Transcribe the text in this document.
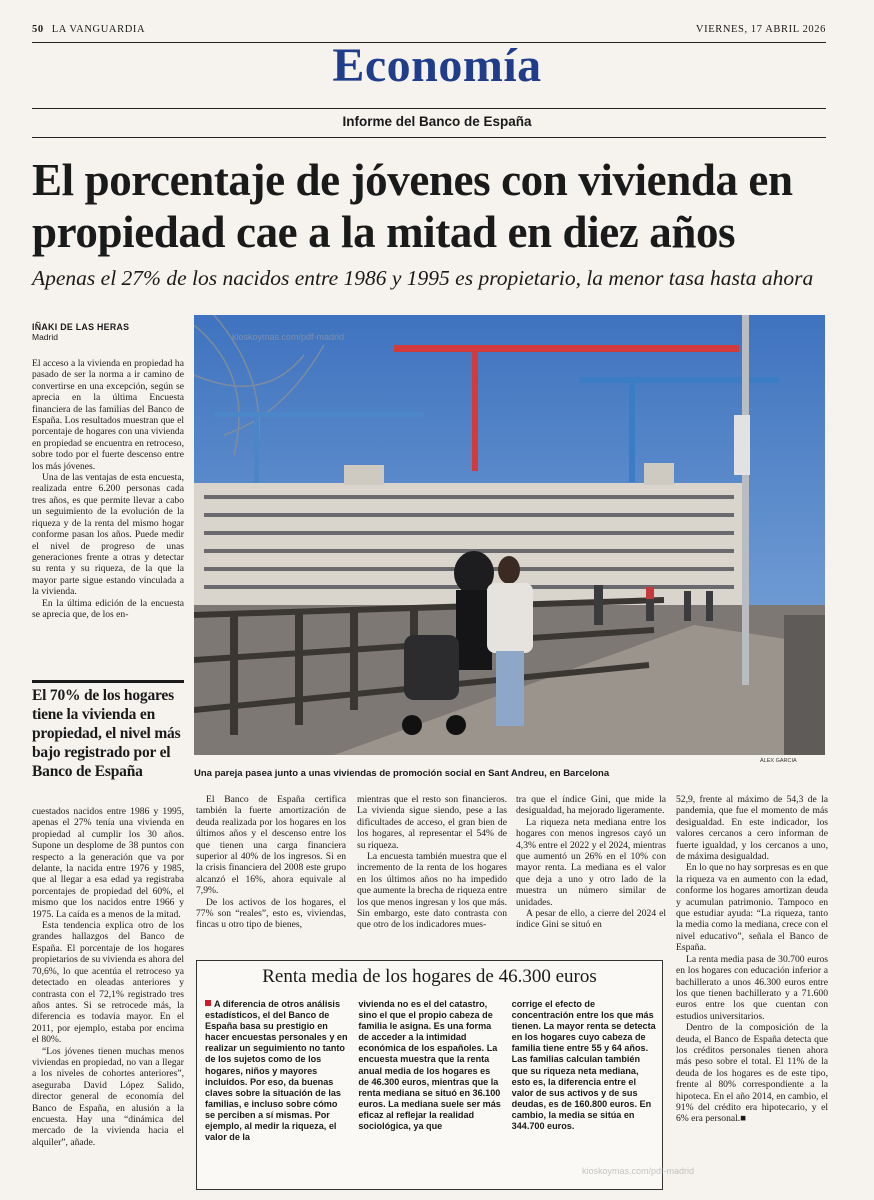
50 LA VANGUARDIA	VIERNES, 17 ABRIL 2026
Economía
Informe del Banco de España
El porcentaje de jóvenes con vivienda en propiedad cae a la mitad en diez años
Apenas el 27% de los nacidos entre 1986 y 1995 es propietario, la menor tasa hasta ahora
IÑAKI DE LAS HERAS
Madrid

El acceso a la vivienda en propiedad ha pasado de ser la norma a ir camino de convertirse en una excepción, según se aprecia en la última Encuesta financiera de las familias del Banco de España. Los resultados muestran que el porcentaje de hogares con una vivienda en propiedad se encuentra en retroceso, sobre todo por el fuerte descenso entre los más jóvenes.

Una de las ventajas de esta encuesta, realizada entre 6.200 personas cada tres años, es que permite llevar a cabo un seguimiento de la evolución de la riqueza y de la renta del mismo hogar conforme pasan los años. Puede medir el nivel de progreso de unas generaciones frente a otras y detectar su renta y su riqueza, de la que la mayor parte sigue estando vinculada a la vivienda.

En la última edición de la encuesta se aprecia que, de los en-

El 70% de los hogares tiene la vivienda en propiedad, el nivel más bajo registrado por el Banco de España
ÀLEX GARCIA
Una pareja pasea junto a unas viviendas de promoción social en Sant Andreu, en Barcelona

cuestados nacidos entre 1986 y 1995, apenas el 27% tenía una vivienda en propiedad al cumplir los 30 años. Supone un desplome de 38 puntos con respecto a la generación que va por delante, la nacida entre 1976 y 1985, que al llegar a esa edad ya registraba porcentajes de propiedad del 60%, el mismo que los nacidos entre 1966 y 1975. La caída es a menos de la mitad.

Esta tendencia explica otro de los grandes hallazgos del Banco de España. El porcentaje de los hogares propietarios de su vivienda es ahora del 70,6%, lo que acentúa el retroceso ya detectado en oleadas anteriores y contrasta con el 72,1% registrado tres años antes. Si se retrocede más, la diferencia es todavía mayor. En el 2011, por ejemplo, estaba por encima el 80%.

“Los jóvenes tienen muchas menos viviendas en propiedad, no van a llegar a los niveles de cohortes anteriores”, aseguraba David López Salido, director general de economía del Banco de España, en alusión a la encuesta. Hay una “dinámica del mercado de la vivienda hacia el alquiler”, añade.

El Banco de España certifica también la fuerte amortización de deuda realizada por los hogares en los últimos años y el descenso entre los que tienen una carga financiera superior al 40% de los ingresos. Si en la crisis financiera del 2008 este grupo alcanzó el 16%, ahora equivale al 7,9%.

De los activos de los hogares, el 77% son “reales”, esto es, viviendas, fincas u otro tipo de bienes,

mientras que el resto son financieros. La vivienda sigue siendo, pese a las dificultades de acceso, el gran bien de los hogares, al representar el 54% de su riqueza.

La encuesta también muestra que el incremento de la renta de los hogares en los últimos años no ha impedido que aumente la brecha de riqueza entre los que menos ingresan y los que más. Sin embargo, este dato contrasta con que otro de los indicadores mues-

tra que el índice Gini, que mide la desigualdad, ha mejorado ligeramente.

La riqueza neta mediana entre los hogares con menos ingresos cayó un 4,3% entre el 2022 y el 2024, mientras que aumentó un 26% en el 10% con mayor renta. La mediana es el valor que deja a uno y otro lado de la muestra un número similar de unidades.

A pesar de ello, a cierre del 2024 el índice Gini se situó en

52,9, frente al máximo de 54,3 de la pandemia, que fue el momento de más desigualdad. En este indicador, los valores cercanos a cero informan de fuerte igualdad, y los cercanos a uno, de máxima desigualdad.

En lo que no hay sorpresas es en que la riqueza va en aumento con la edad, conforme los hogares amortizan deuda y acumulan patrimonio. Tampoco en que estudiar ayuda: “La riqueza, tanto la media como la mediana, crece con el nivel educativo”, señala el Banco de España.

La renta media pasa de 30.700 euros en los hogares con educación inferior a bachillerato a unos 46.300 euros entre los que tienen bachillerato y a 71.600 euros entre los que cuentan con estudios universitarios.

Dentro de la composición de la deuda, el Banco de España detecta que los créditos personales tienen ahora más peso sobre el total. El 11% de la deuda de los hogares es de este tipo, frente al 80% correspondiente a la hipoteca. En el año 2014, en cambio, el 91% del crédito era hipotecario, y el 6% era personal.■

Renta media de los hogares de 46.300 euros
A diferencia de otros análisis estadísticos, el del Banco de España basa su prestigio en hacer encuestas personales y en realizar un seguimiento no tanto de los sujetos como de los hogares, niños y mayores incluidos. Por eso, da buenas claves sobre la situación de las familias, e incluso sobre cómo se perciben a sí mismas. Por ejemplo, al medir la riqueza, el valor de la
vivienda no es el del catastro, sino el que el propio cabeza de familia le asigna. Es una forma de acceder a la intimidad económica de los españoles. La encuesta muestra que la renta anual media de los hogares es de 46.300 euros, mientras que la renta mediana se situó en 36.100 euros. La mediana suele ser más eficaz al reflejar la realidad sociológica, ya que
corrige el efecto de concentración entre los que más tienen. La mayor renta se detecta en los hogares cuyo cabeza de familia tiene entre 55 y 64 años. Las familias calculan también que su riqueza neta mediana, esto es, la diferencia entre el valor de sus activos y de sus deudas, es de 160.800 euros. En cambio, la media se sitúa en 344.700 euros.
kioskoymas.com/pdf-madrid
kioskoymas.com/pdf-madrid
